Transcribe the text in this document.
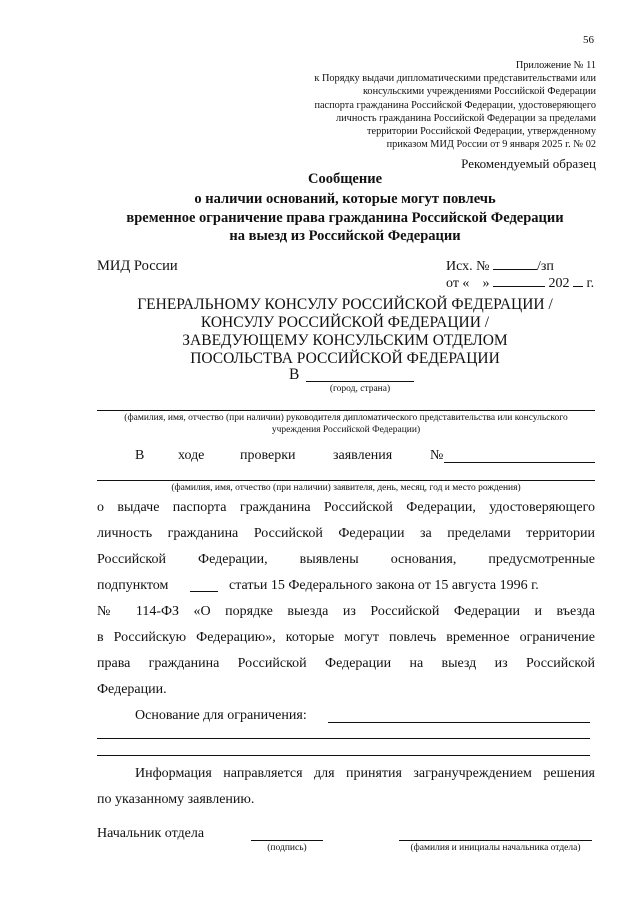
56
Приложение № 11
к Порядку выдачи дипломатическими представительствами или
консульскими учреждениями Российской Федерации
паспорта гражданина Российской Федерации, удостоверяющего
личность гражданина Российской Федерации за пределами
территории Российской Федерации, утвержденному
приказом МИД России от 9 января 2025 г. № 02
Рекомендуемый образец
Сообщение
о наличии оснований, которые могут повлечь
временное ограничение права гражданина Российской Федерации
на выезд из Российской Федерации
МИД России	Исх. №	/зп
от « »	202 г.
ГЕНЕРАЛЬНОМУ КОНСУЛУ РОССИЙСКОЙ ФЕДЕРАЦИИ /
КОНСУЛУ РОССИЙСКОЙ ФЕДЕРАЦИИ /
ЗАВЕДУЮЩЕМУ КОНСУЛЬСКИМ ОТДЕЛОМ
ПОСОЛЬСТВА РОССИЙСКОЙ ФЕДЕРАЦИИ
В
(город, страна)
(фамилия, имя, отчество (при наличии) руководителя дипломатического представительства или консульского
учреждения Российской Федерации)
В ходе	проверки	заявления	№
(фамилия, имя, отчество (при наличии) заявителя, день, месяц, год и место рождения)
о выдаче паспорта гражданина Российской Федерации, удостоверяющего
личность гражданина Российской Федерации за пределами территории
Российской Федерации, выявлены основания, предусмотренные
подпунктом	статьи 15 Федерального закона от 15 августа 1996 г.
№ 114-ФЗ «О порядке выезда из Российской Федерации и въезда
в Российскую Федерацию», которые могут повлечь временное ограничение
права гражданина Российской Федерации на выезд из Российской
Федерации.
Основание для ограничения:
Информация направляется для принятия загранучреждением решения
по указанному заявлению.
Начальник отдела
(подпись)	(фамилия и инициалы начальника отдела)
